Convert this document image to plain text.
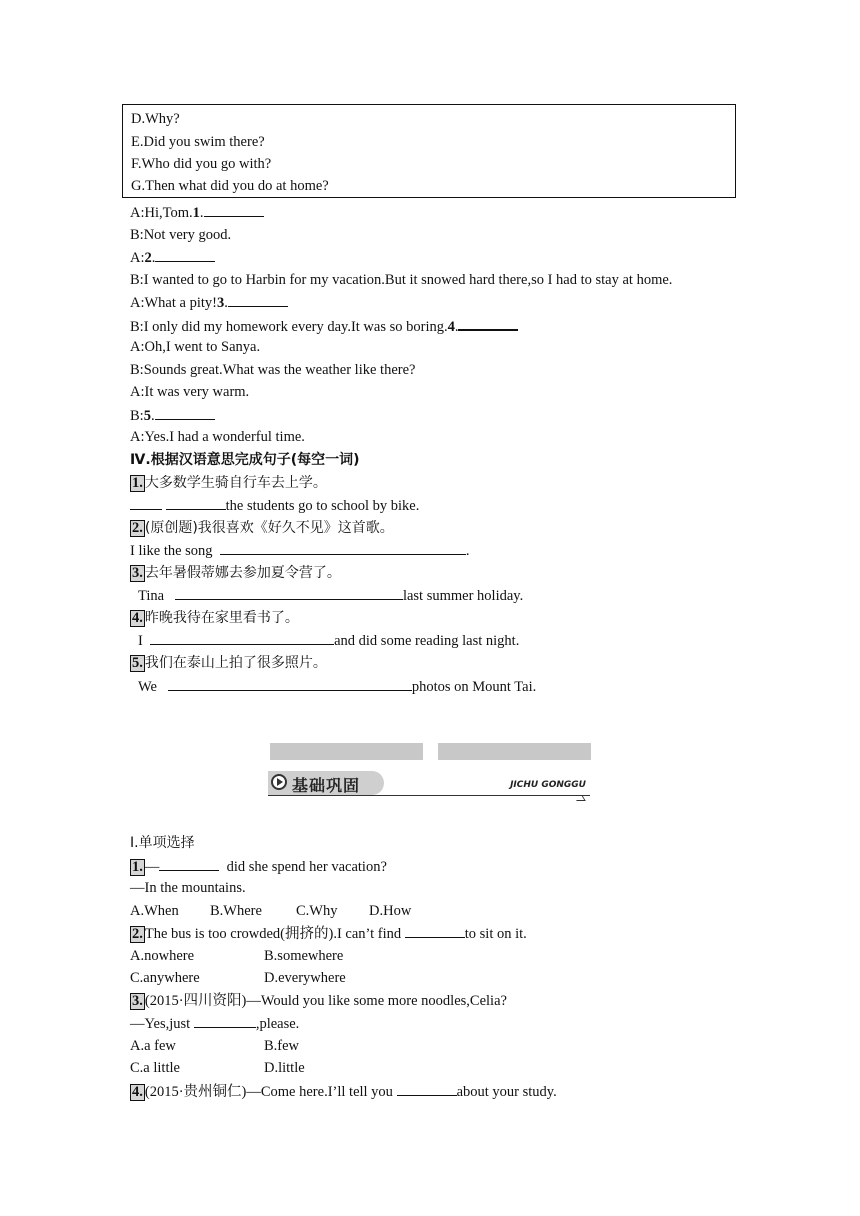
D.Why?
E.Did you swim there?
F.Who did you go with?
G.Then what did you do at home?
A:Hi,Tom.1.
B:Not very good.
A:2.
B:I wanted to go to Harbin for my vacation.But it snowed hard there,so I had to stay at home.
A:What a pity!3.
B:I only did my homework every day.It was so boring.4.
A:Oh,I went to Sanya.
B:Sounds great.What was the weather like there?
A:It was very warm.
B:5.
A:Yes.I had a wonderful time.
Ⅳ.根据汉语意思完成句子(每空一词)
1. 大多数学生骑自行车去上学。
the students go to school by bike.
2. (原创题)我很喜欢《好久不见》这首歌。
I like the song	.
3. 去年暑假蒂娜去参加夏令营了。
Tina	last summer holiday.
4. 昨晚我待在家里看书了。
I	and did some reading last night.
5. 我们在泰山上拍了很多照片。
We	photos on Mount Tai.
基础巩固	JICHU GONGGU
Ⅰ.单项选择
1. —	did she spend her vacation?
—In the mountains.
A.When B.Where C.Why D.How
2. The bus is too crowded(拥挤的).I can’t find	to sit on it.
A.nowhere	B.somewhere
C.anywhere	D.everywhere
3. (2015·四川资阳)—Would you like some more noodles,Celia?
—Yes,just	,please.
A.a few	B.few
C.a little	D.little
4. (2015·贵州铜仁)—Come here.I’ll tell you	about your study.
